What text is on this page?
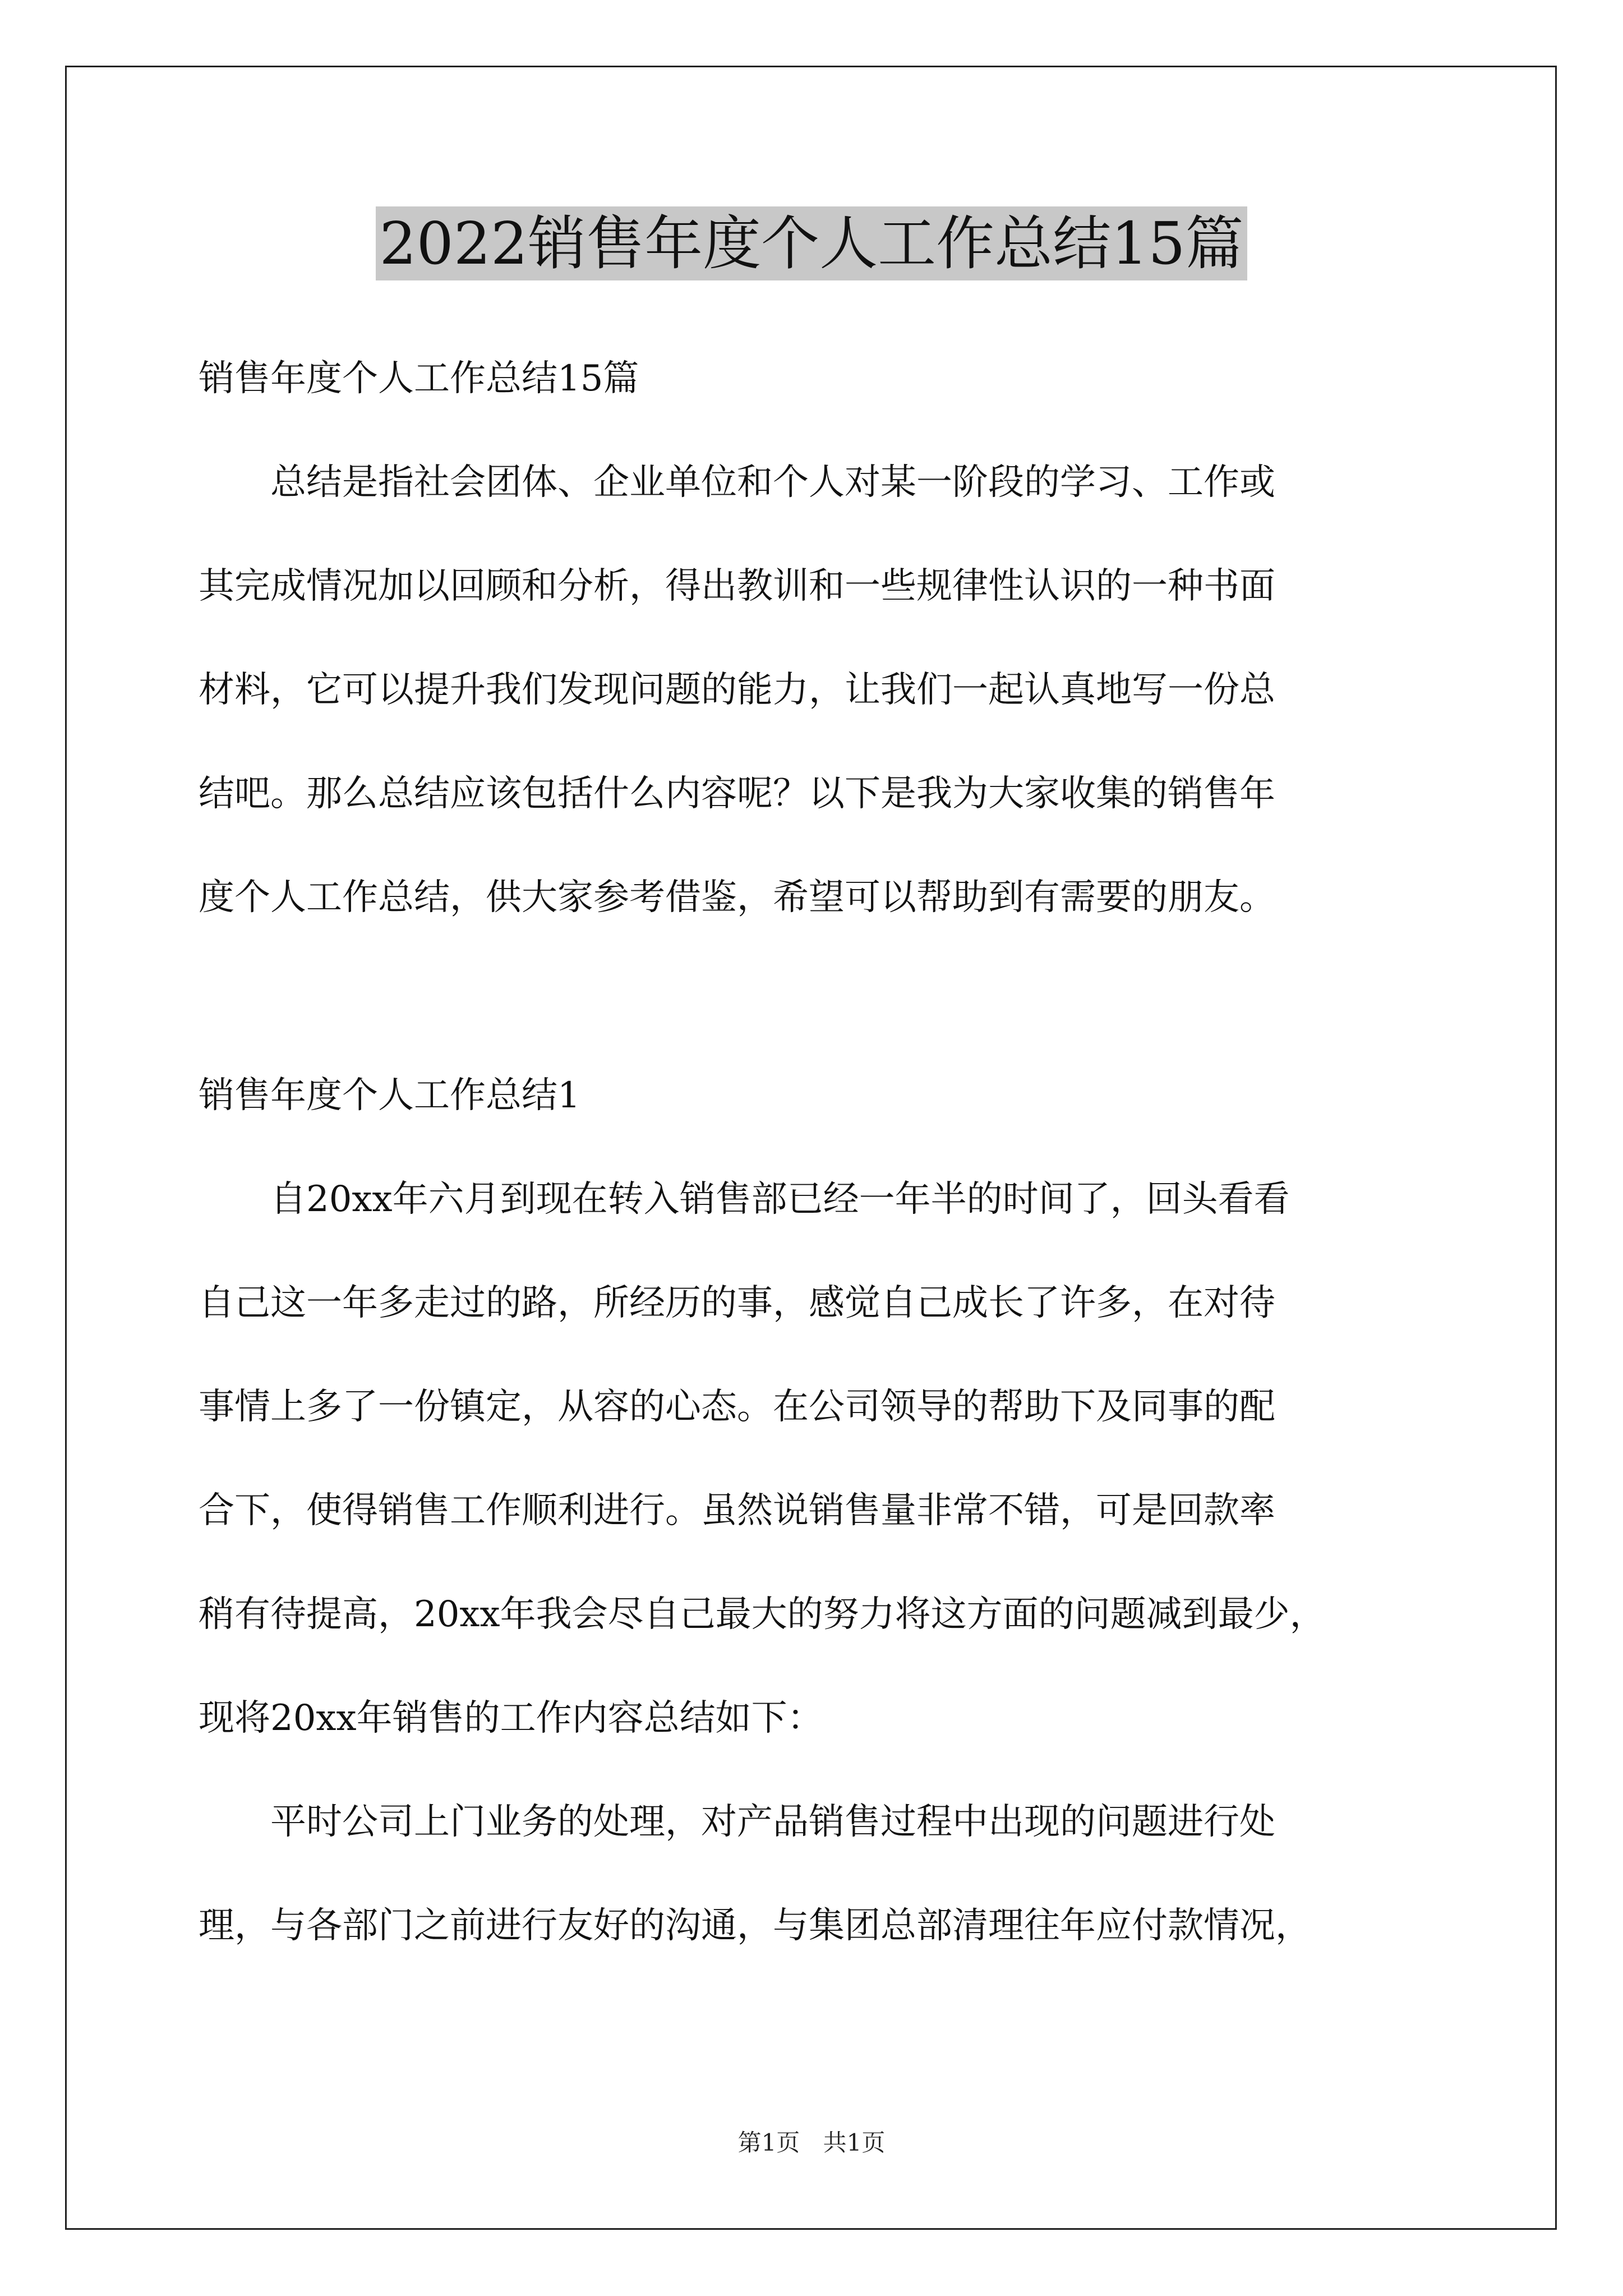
2022销售年度个人工作总结15篇
销售年度个人工作总结15篇
　　总结是指社会团体、企业单位和个人对某一阶段的学习、工作或
其完成情况加以回顾和分析，得出教训和一些规律性认识的一种书面
材料，它可以提升我们发现问题的能力，让我们一起认真地写一份总
结吧。那么总结应该包括什么内容呢？以下是我为大家收集的销售年
度个人工作总结，供大家参考借鉴，希望可以帮助到有需要的朋友。
销售年度个人工作总结1
　　自20xx年六月到现在转入销售部已经一年半的时间了，回头看看
自己这一年多走过的路，所经历的事，感觉自己成长了许多，在对待
事情上多了一份镇定，从容的心态。在公司领导的帮助下及同事的配
合下，使得销售工作顺利进行。虽然说销售量非常不错，可是回款率
稍有待提高，20xx年我会尽自己最大的努力将这方面的问题减到最少，
现将20xx年销售的工作内容总结如下：
　　平时公司上门业务的处理，对产品销售过程中出现的问题进行处
理，与各部门之前进行友好的沟通，与集团总部清理往年应付款情况，
第1页 共1页
